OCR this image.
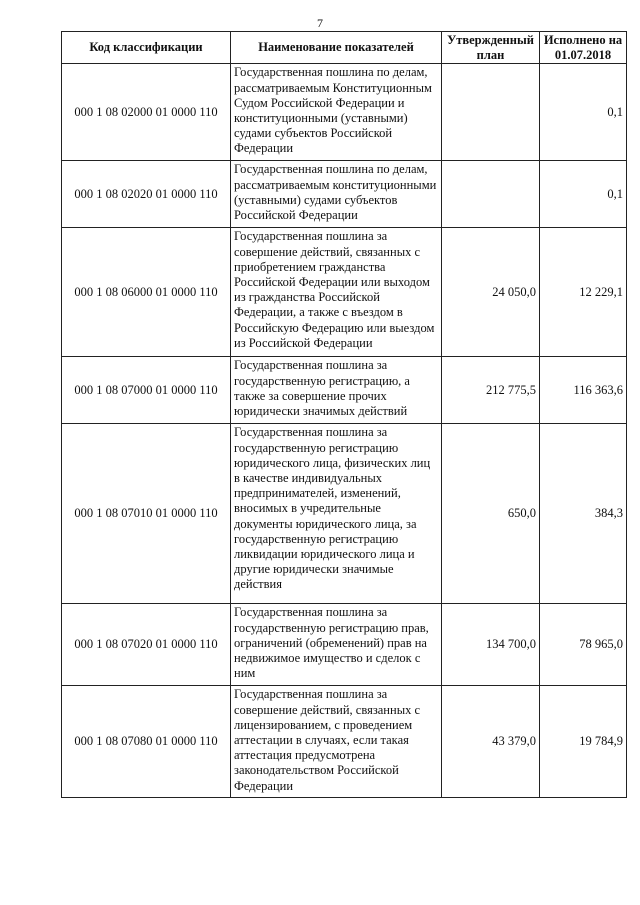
7
Код классификации	Наименование показателей	Утвержденный план	Исполнено на 01.07.2018
000 1 08 02000 01 0000 110	Государственная пошлина по делам, рассматриваемым Конституционным Судом Российской Федерации и конституционными (уставными) судами субъектов Российской Федерации		0,1
000 1 08 02020 01 0000 110	Государственная пошлина по делам, рассматриваемым конституционными (уставными) судами субъектов Российской Федерации		0,1
000 1 08 06000 01 0000 110	Государственная пошлина за совершение действий, связанных с приобретением гражданства Российской Федерации или выходом из гражданства Российской Федерации, а также с въездом в Российскую Федерацию или выездом из Российской Федерации	24 050,0	12 229,1
000 1 08 07000 01 0000 110	Государственная пошлина за государственную регистрацию, а также за совершение прочих юридически значимых действий	212 775,5	116 363,6
000 1 08 07010 01 0000 110	Государственная пошлина за государственную регистрацию юридического лица, физических лиц в качестве индивидуальных предпринимателей, изменений, вносимых в учредительные документы юридического лица, за государственную регистрацию ликвидации юридического лица и другие юридически значимые действия	650,0	384,3
000 1 08 07020 01 0000 110	Государственная пошлина за государственную регистрацию прав, ограничений (обременений) прав на недвижимое имущество и сделок с ним	134 700,0	78 965,0
000 1 08 07080 01 0000 110	Государственная пошлина за совершение действий, связанных с лицензированием, с проведением аттестации в случаях, если такая аттестация предусмотрена законодательством Российской Федерации	43 379,0	19 784,9
